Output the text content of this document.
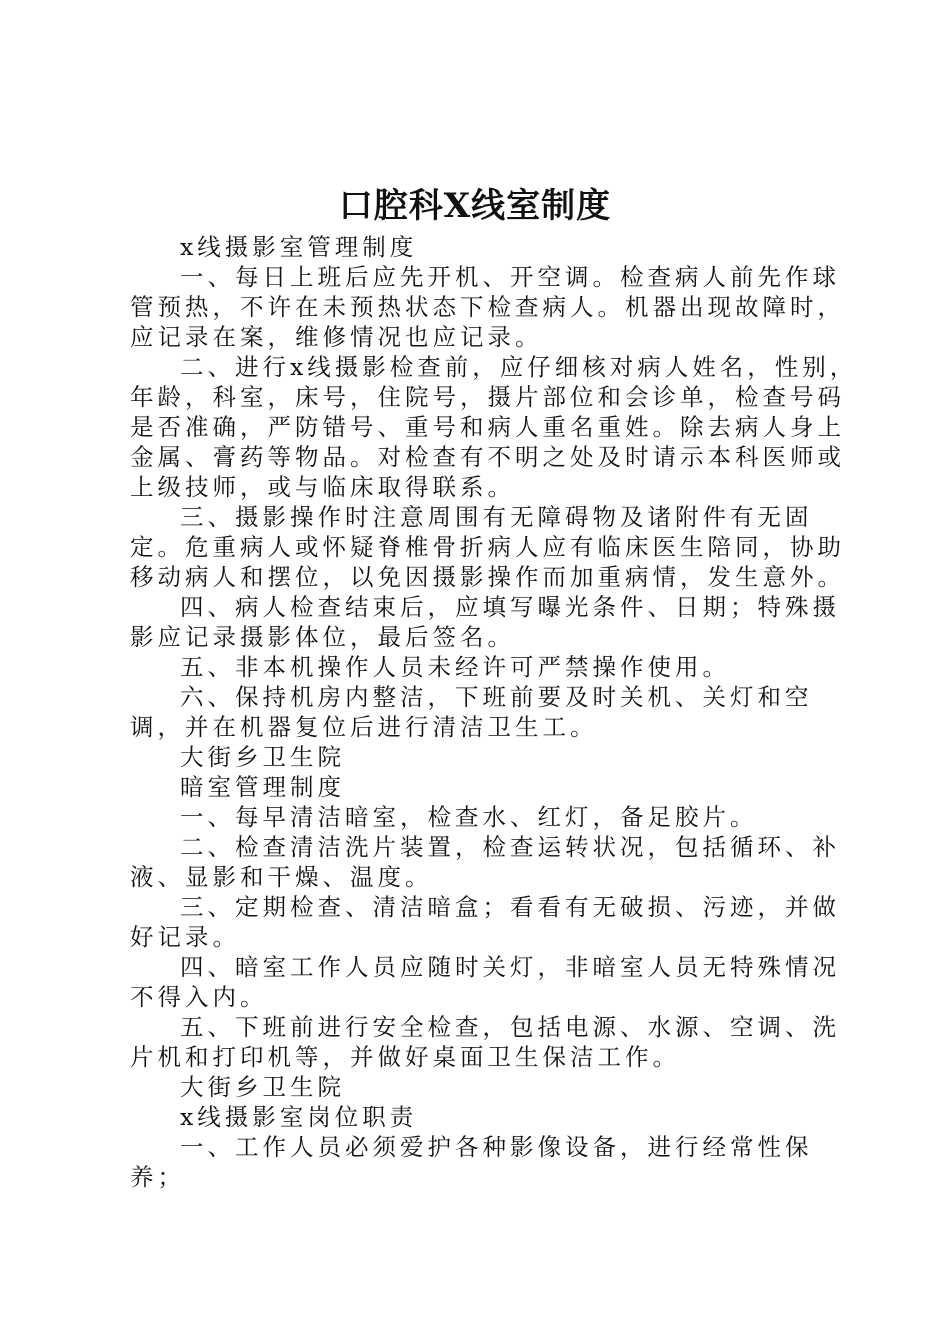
口腔科X线室制度

x线摄影室管理制度

一、每日上班后应先开机、开空调。检查病人前先作球管预热，不许在未预热状态下检查病人。机器出现故障时，应记录在案，维修情况也应记录。

二、进行x线摄影检查前，应仔细核对病人姓名，性别，年龄，科室，床号，住院号，摄片部位和会诊单，检查号码是否准确，严防错号、重号和病人重名重姓。除去病人身上金属、膏药等物品。对检查有不明之处及时请示本科医师或上级技师，或与临床取得联系。

三、摄影操作时注意周围有无障碍物及诸附件有无固定。危重病人或怀疑脊椎骨折病人应有临床医生陪同，协助移动病人和摆位，以免因摄影操作而加重病情，发生意外。

四、病人检查结束后，应填写曝光条件、日期；特殊摄影应记录摄影体位，最后签名。

五、非本机操作人员未经许可严禁操作使用。

六、保持机房内整洁，下班前要及时关机、关灯和空调，并在机器复位后进行清洁卫生工。

大街乡卫生院

暗室管理制度

一、每早清洁暗室，检查水、红灯，备足胶片。

二、检查清洁洗片装置，检查运转状况，包括循环、补液、显影和干燥、温度。

三、定期检查、清洁暗盒；看看有无破损、污迹，并做好记录。

四、暗室工作人员应随时关灯，非暗室人员无特殊情况不得入内。

五、下班前进行安全检查，包括电源、水源、空调、洗片机和打印机等，并做好桌面卫生保洁工作。

大街乡卫生院

x线摄影室岗位职责

一、工作人员必须爱护各种影像设备，进行经常性保养；
